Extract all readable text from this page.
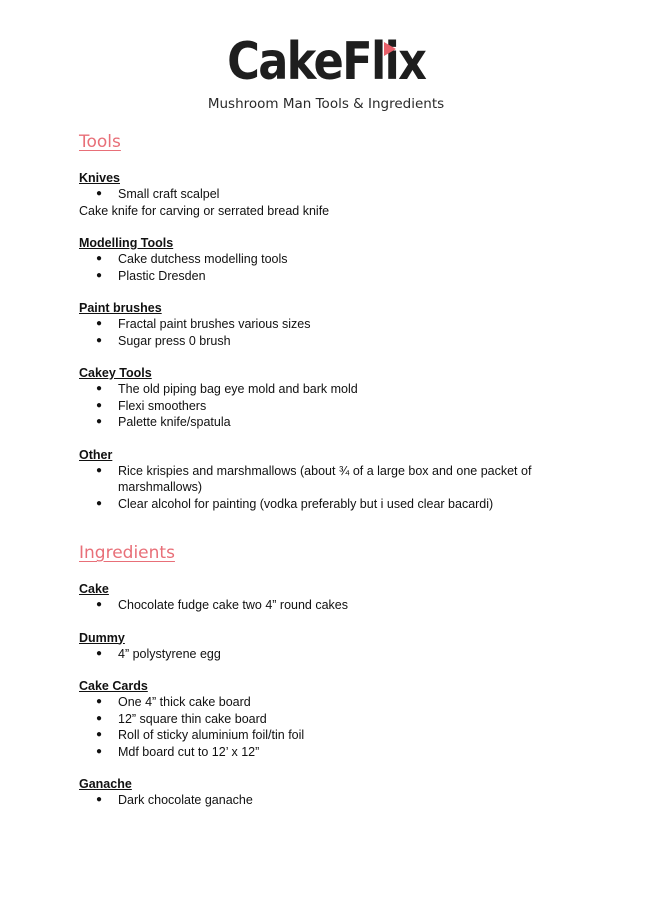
CakeFlix
Mushroom Man Tools & Ingredients
Tools

Knives

● Small craft scalpel

Cake knife for carving or serrated bread knife

Modelling Tools

● Cake dutchess modelling tools
● Plastic Dresden

Paint brushes

● Fractal paint brushes various sizes
● Sugar press 0 brush

Cakey Tools

● The old piping bag eye mold and bark mold
● Flexi smoothers
● Palette knife/spatula

Other

● Rice krispies and marshmallows (about ¾ of a large box and one packet of marshmallows)
● Clear alcohol for painting (vodka preferably but i used clear bacardi)
Ingredients

Cake

● Chocolate fudge cake two 4” round cakes

Dummy

● 4” polystyrene egg

Cake Cards

● One 4” thick cake board
● 12” square thin cake board
● Roll of sticky aluminium foil/tin foil
● Mdf board cut to 12’ x 12”

Ganache

● Dark chocolate ganache
